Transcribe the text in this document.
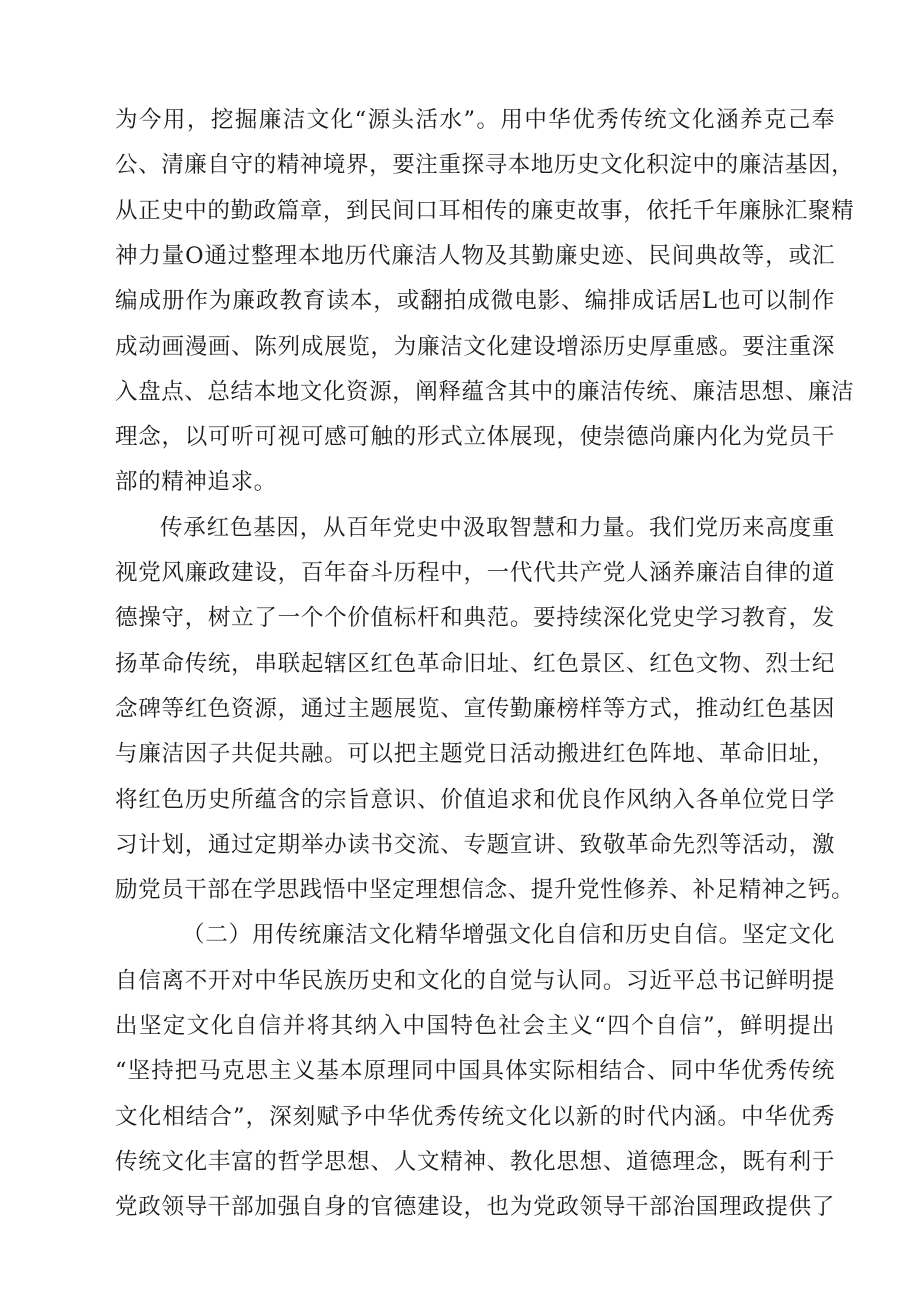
为今用，挖掘廉洁文化“源头活水”。用中华优秀传统文化涵养克己奉
公、清廉自守的精神境界，要注重探寻本地历史文化积淀中的廉洁基因，
从正史中的勤政篇章，到民间口耳相传的廉吏故事，依托千年廉脉汇聚精
神力量O通过整理本地历代廉洁人物及其勤廉史迹、民间典故等，或汇
编成册作为廉政教育读本，或翻拍成微电影、编排成话居L也可以制作
成动画漫画、陈列成展览，为廉洁文化建设增添历史厚重感。要注重深
入盘点、总结本地文化资源，阐释蕴含其中的廉洁传统、廉洁思想、廉洁
理念，以可听可视可感可触的形式立体展现，使崇德尚廉内化为党员干
部的精神追求。
传承红色基因，从百年党史中汲取智慧和力量。我们党历来高度重
视党风廉政建设，百年奋斗历程中，一代代共产党人涵养廉洁自律的道
德操守，树立了一个个价值标杆和典范。要持续深化党史学习教育，发
扬革命传统，串联起辖区红色革命旧址、红色景区、红色文物、烈士纪
念碑等红色资源，通过主题展览、宣传勤廉榜样等方式，推动红色基因
与廉洁因子共促共融。可以把主题党日活动搬进红色阵地、革命旧址，
将红色历史所蕴含的宗旨意识、价值追求和优良作风纳入各单位党日学
习计划，通过定期举办读书交流、专题宣讲、致敬革命先烈等活动，激
励党员干部在学思践悟中坚定理想信念、提升党性修养、补足精神之钙。
（二）用传统廉洁文化精华增强文化自信和历史自信。坚定文化
自信离不开对中华民族历史和文化的自觉与认同。习近平总书记鲜明提
出坚定文化自信并将其纳入中国特色社会主义“四个自信”，鲜明提出
“坚持把马克思主义基本原理同中国具体实际相结合、同中华优秀传统
文化相结合”，深刻赋予中华优秀传统文化以新的时代内涵。中华优秀
传统文化丰富的哲学思想、人文精神、教化思想、道德理念，既有利于
党政领导干部加强自身的官德建设，也为党政领导干部治国理政提供了
